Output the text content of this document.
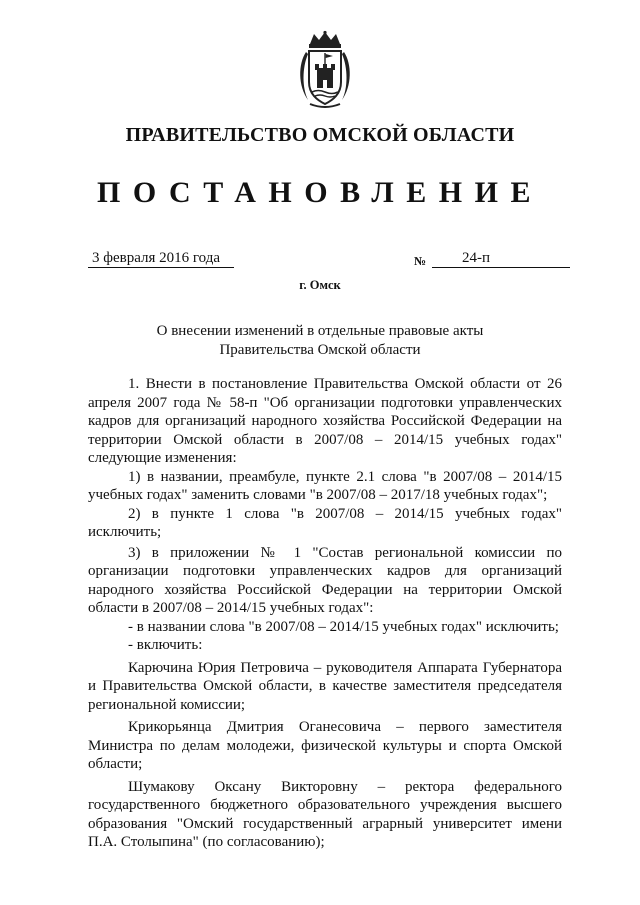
ПРАВИТЕЛЬСТВО ОМСКОЙ ОБЛАСТИ
ПОСТАНОВЛЕНИЕ
3 февраля 2016 года	№	24-п
г. Омск
О внесении изменений в отдельные правовые акты
Правительства Омской области

1. Внести в постановление Правительства Омской области от 26 апреля 2007 года № 58-п "Об организации подготовки управленческих кадров для организаций народного хозяйства Российской Федерации на территории Омской области в 2007/08 – 2014/15 учебных годах" следующие изменения:

1) в названии, преамбуле, пункте 2.1 слова "в 2007/08 – 2014/15 учебных годах" заменить словами "в 2007/08 – 2017/18 учебных годах";

2) в пункте 1 слова "в 2007/08 – 2014/15 учебных годах" исключить;

3) в приложении № 1 "Состав региональной комиссии по организации подготовки управленческих кадров для организаций народного хозяйства Российской Федерации на территории Омской области в 2007/08 – 2014/15 учебных годах":

- в названии слова "в 2007/08 – 2014/15 учебных годах" исключить;

- включить:

Карючина Юрия Петровича – руководителя Аппарата Губернатора и Правительства Омской области, в качестве заместителя председателя региональной комиссии;

Крикорьянца Дмитрия Оганесовича – первого заместителя Министра по делам молодежи, физической культуры и спорта Омской области;

Шумакову Оксану Викторовну – ректора федерального государственного бюджетного образовательного учреждения высшего образования "Омский государственный аграрный университет имени П.А. Столыпина" (по согласованию);
